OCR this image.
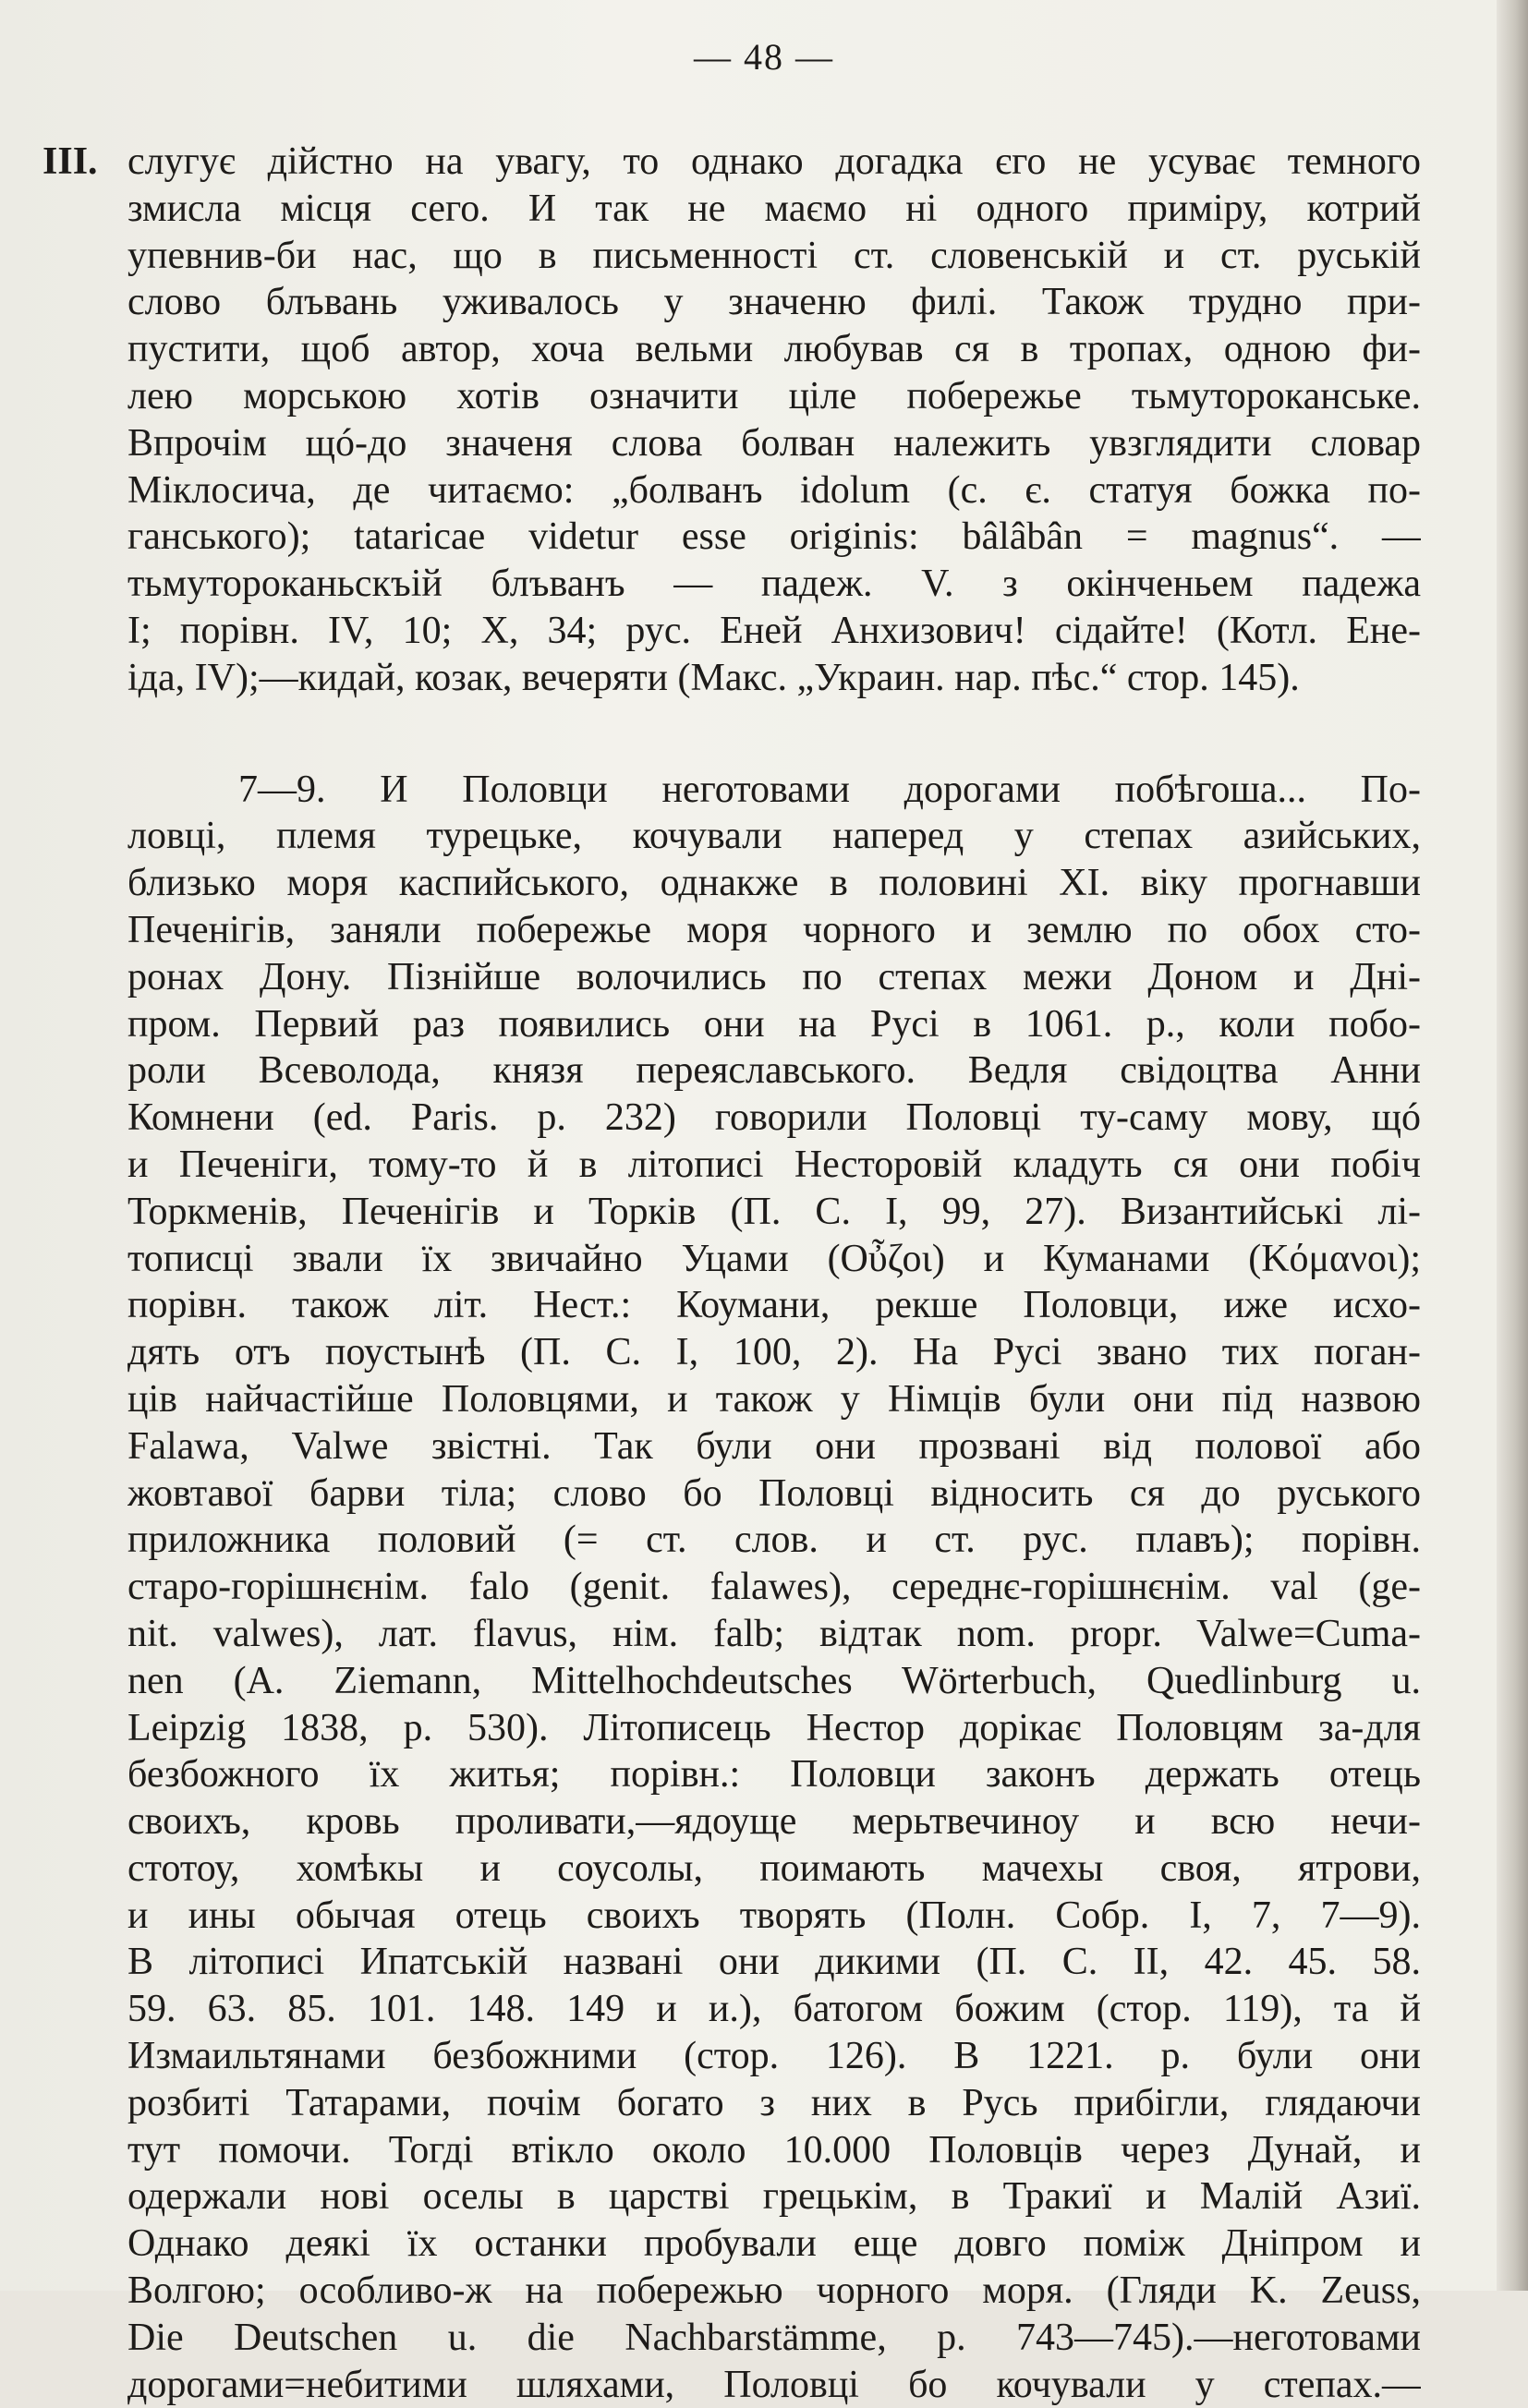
— 48 —
III. слугує дійстно на увагу, то однако догадка єго не усуває темного
змисла місця сего. И так не маємо ні одного приміру, котрий
упевнив-би нас, що в письменності ст. словенській и ст. руській
слово блъвань уживалось у значеню филі. Також трудно при-
пустити, щоб автор, хоча вельми любував ся в тропах, одною фи-
лею морською хотів означити ціле побережье тьмутороканське.
Впрочім щó-до значеня слова болван належить увзглядити словар
Міклосича, де читаємо: „болванъ idolum (с. є. статуя божка по-
ганського); tataricae videtur esse originis: bâlâbân = magnus“. —
тьмутороканьскъій блъванъ — падеж. V. з окінченьем падежа
І; порівн. IV, 10; X, 34; рус. Еней Анхизович! сідайте! (Котл. Ене-
іда, IV);—кидай, козак, вечеряти (Макс. „Украин. нар. пѣс.“ стор. 145).
7—9. И Половци неготовами дорогами побѣгоша... По-
ловці, племя турецьке, кочували наперед у степах азийських,
близько моря каспийського, однакже в половині XI. віку прогнавши
Печенігів, заняли побережье моря чорного и землю по обох сто-
ронах Дону. Пізнійше волочились по степах межи Доном и Дні-
пром. Первий раз появились они на Русі в 1061. р., коли побо-
роли Всеволода, князя переяславського. Ведля свідоцтва Анни
Комнени (ed. Paris. p. 232) говорили Половці ту-саму мову, щó
и Печеніги, тому-то й в літописі Несторовій кладуть ся они побіч
Торкменів, Печенігів и Торків (П. С. І, 99, 27). Византийські лі-
тописці звали їх звичайно Уцами (Οὖζοι) и Куманами (Κόμανοι);
порівн. також літ. Нест.: Коумани, рекше Половци, иже исхо-
дять отъ поустынѣ (П. С. І, 100, 2). На Русі звано тих поган-
ців найчастійше Половцями, и також у Німців були они під назвою
Falawa, Valwe звістні. Так були они прозвані від полової або
жовтавої барви тіла; слово бо Половці відносить ся до руського
приложника половий (= ст. слов. и ст. рус. плавъ); порівн.
старо-горішнєнім. falo (genit. falawes), середнє-горішнєнім. val (ge-
nit. valwes), лат. flavus, нім. falb; відтак nom. propr. Valwe=Cuma-
nen (A. Ziemann, Mittelhochdeutsches Wörterbuch, Quedlinburg u.
Leipzig 1838, p. 530). Літописець Нестор дорікає Половцям за-для
безбожного їх житья; порівн.: Половци законъ держать отець
своихъ, кровь проливати,—ядоуще мерьтвечиноу и всю нечи-
стотоу, хомѣкы и соусолы, поимають мачехы своя, ятрови,
и ины обычая отець своихъ творять (Полн. Собр. І, 7, 7—9).
В літописі Ипатській названі они дикими (П. С. ІІ, 42. 45. 58.
59. 63. 85. 101. 148. 149 и и.), батогом божим (стор. 119), та й
Измаильтянами безбожними (стор. 126). В 1221. р. були они
розбиті Татарами, почім богато з них в Русь прибігли, глядаючи
тут помочи. Тогді втікло около 10.000 Половців через Дунай, и
одержали нові оселы в царстві грецькім, в Тракиї и Малій Азиї.
Однако деякі їх останки пробували еще довго поміж Дніпром и
Волгою; особливо-ж на побережью чорного моря. (Гляди K. Zeuss,
Die Deutschen u. die Nachbarstämme, p. 743—745).—неготовами
дорогами=небитими шляхами, Половці бо кочували у степах.—
